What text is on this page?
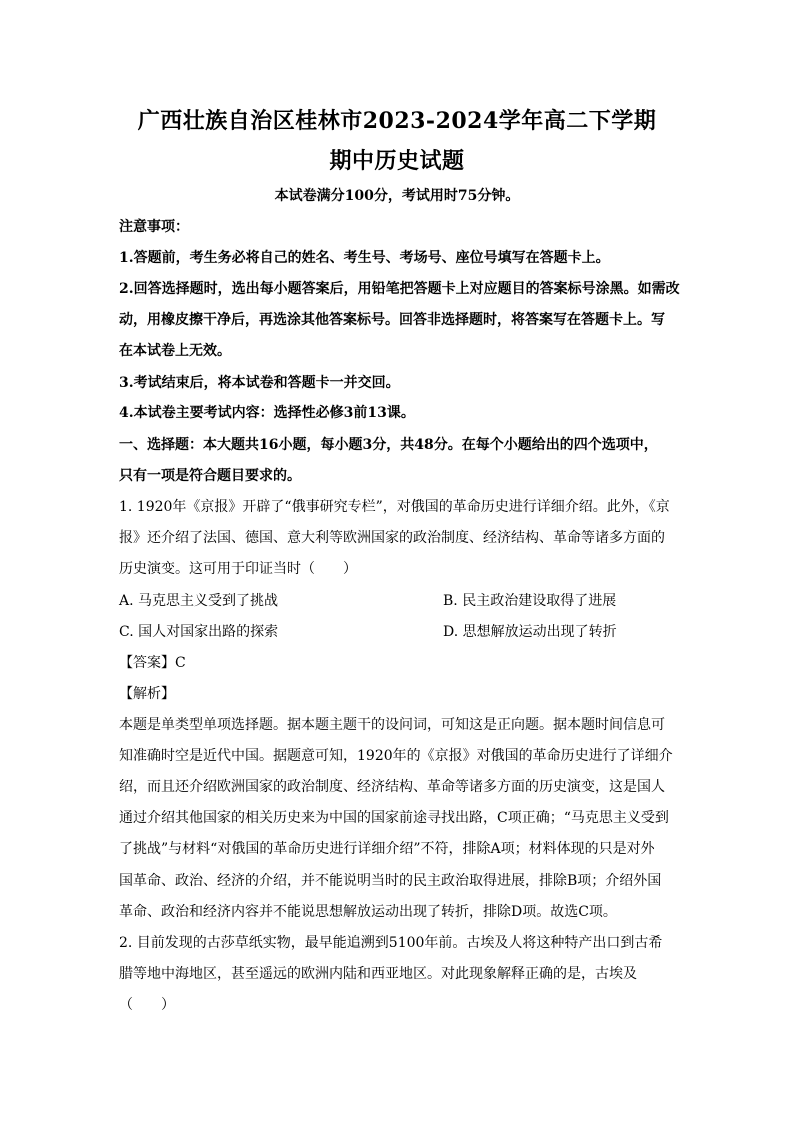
广西壮族自治区桂林市2023-2024学年高二下学期
期中历史试题
本试卷满分100分，考试用时75分钟。
注意事项：
1.答题前，考生务必将自己的姓名、考生号、考场号、座位号填写在答题卡上。
2.回答选择题时，选出每小题答案后，用铅笔把答题卡上对应题目的答案标号涂黑。如需改
动，用橡皮擦干净后，再选涂其他答案标号。回答非选择题时，将答案写在答题卡上。写
在本试卷上无效。
3.考试结束后，将本试卷和答题卡一并交回。
4.本试卷主要考试内容：选择性必修3前13课。
一、选择题：本大题共16小题，每小题3分，共48分。在每个小题给出的四个选项中，
只有一项是符合题目要求的。
1. 1920年《京报》开辟了“俄事研究专栏”，对俄国的革命历史进行详细介绍。此外，《京
报》还介绍了法国、德国、意大利等欧洲国家的政治制度、经济结构、革命等诸多方面的
历史演变。这可用于印证当时（　　）
A. 马克思主义受到了挑战	B. 民主政治建设取得了进展
C. 国人对国家出路的探索	D. 思想解放运动出现了转折
【答案】C
【解析】
本题是单类型单项选择题。据本题主题干的设问词，可知这是正向题。据本题时间信息可
知准确时空是近代中国。据题意可知，1920年的《京报》对俄国的革命历史进行了详细介
绍，而且还介绍欧洲国家的政治制度、经济结构、革命等诸多方面的历史演变，这是国人
通过介绍其他国家的相关历史来为中国的国家前途寻找出路，C项正确；“马克思主义受到
了挑战”与材料“对俄国的革命历史进行详细介绍”不符，排除A项；材料体现的只是对外
国革命、政治、经济的介绍，并不能说明当时的民主政治取得进展，排除B项；介绍外国
革命、政治和经济内容并不能说思想解放运动出现了转折，排除D项。故选C项。
2. 目前发现的古莎草纸实物，最早能追溯到5100年前。古埃及人将这种特产出口到古希
腊等地中海地区，甚至遥远的欧洲内陆和西亚地区。对此现象解释正确的是，古埃及
（　　）
